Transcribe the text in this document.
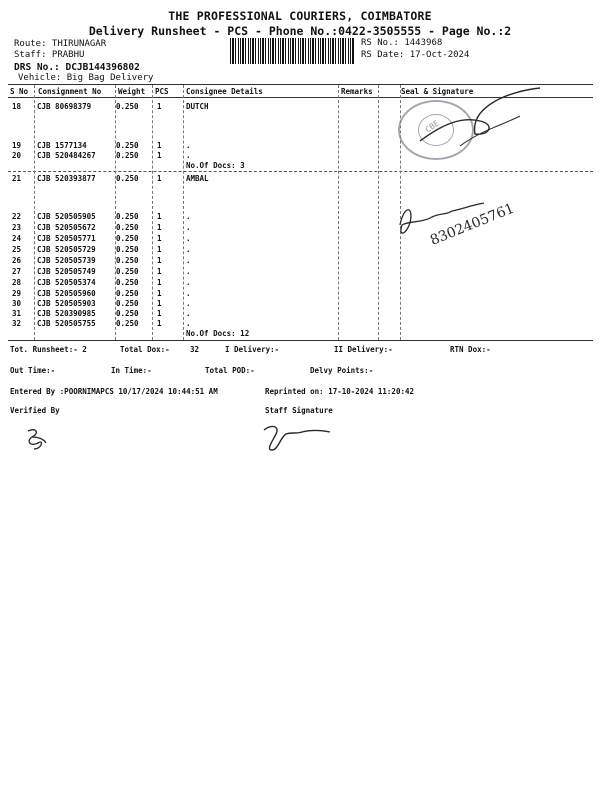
THE PROFESSIONAL COURIERS, COIMBATORE
Delivery Runsheet - PCS - Phone No.:0422-3505555 - Page No.:2
Route: THIRUNAGAR
Staff: PRABHU
DRS No.: DCJB144396802
Vehicle: Big Bag Delivery
RS No.: 1443968
RS Date: 17-Oct-2024
S No Consignment No Weight PCS Consignee Details	Remarks	Seal & Signature
18 CJB 80698379	0.250 1	DUTCH
19 CJB 1577134	0.250 1	.
20 CJB 520484267	0.250 1	.
No.Of Docs: 3
21 CJB 520393877	0.250 1	AMBAL
22 CJB 520505905	0.250 1	.
23 CJB 520505672	0.250 1	.
24 CJB 520505771	0.250 1	.
25 CJB 520505729	0.250 1	.
26 CJB 520505739	0.250 1	.
27 CJB 520505749	0.250 1	.
28 CJB 520505374	0.250 1	.
29 CJB 520505960	0.250 1	.
30 CJB 520505903	0.250 1	.
31 CJB 520390985	0.250 1	.
32 CJB 520505755	0.250 1	.
No.Of Docs: 12
CBE
8302405761
Tot. Runsheet:- 2	Total Dox:-	32	I Delivery:-	II Delivery:-	RTN Dox:-
Out Time:-	In Time:-	Total POD:-	Delvy Points:-
Entered By :POORNIMAPCS 10/17/2024 10:44:51 AM	Reprinted on: 17-10-2024 11:20:42
Verified By	Staff Signature
